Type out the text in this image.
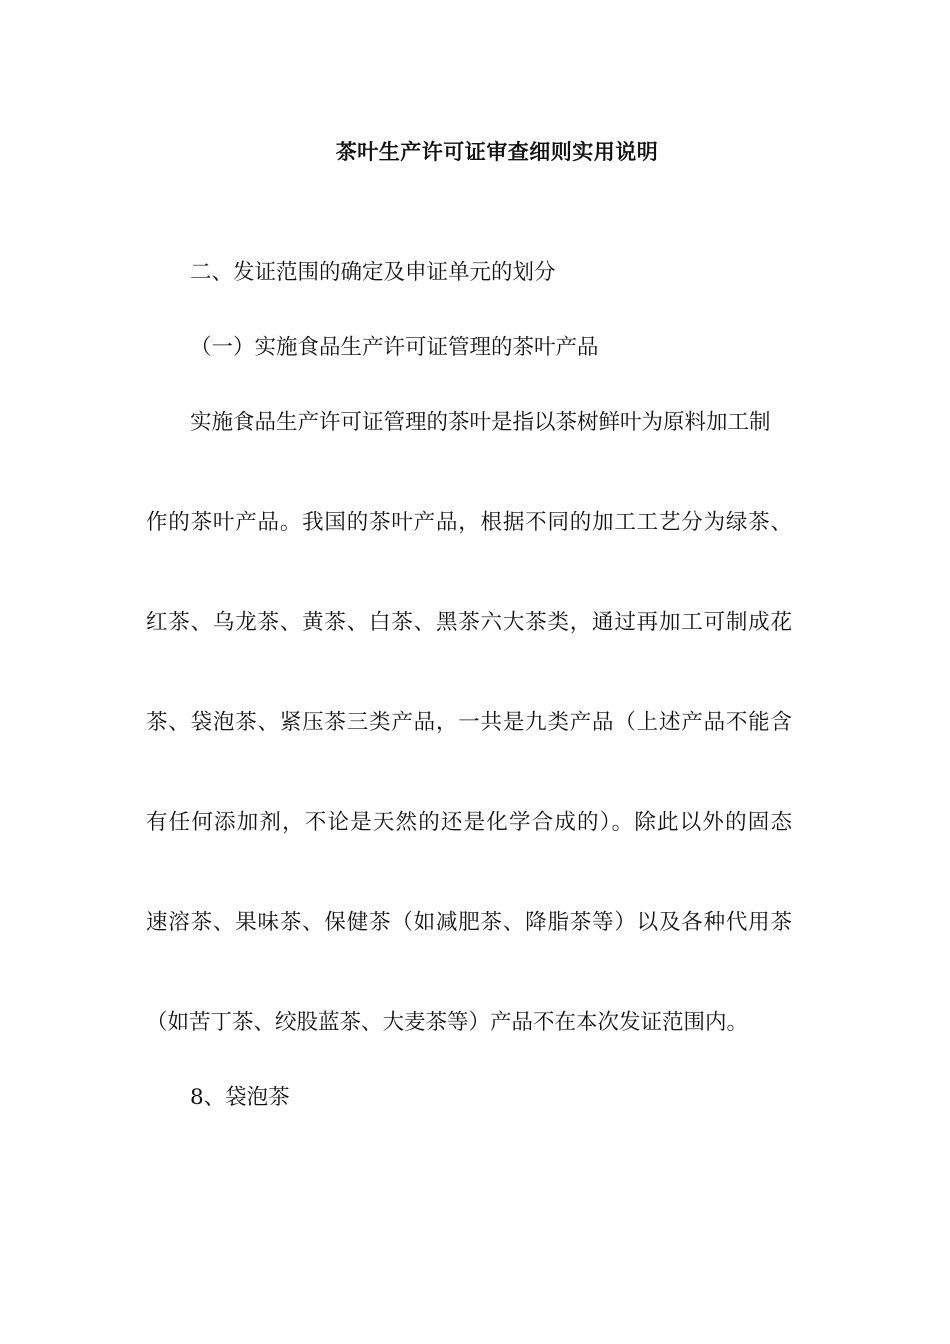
茶叶生产许可证审查细则实用说明
二、发证范围的确定及申证单元的划分
（一）实施食品生产许可证管理的茶叶产品
实施食品生产许可证管理的茶叶是指以茶树鲜叶为原料加工制
作的茶叶产品。我国的茶叶产品，根据不同的加工工艺分为绿茶、
红茶、乌龙茶、黄茶、白茶、黑茶六大茶类，通过再加工可制成花
茶、袋泡茶、紧压茶三类产品，一共是九类产品（上述产品不能含
有任何添加剂，不论是天然的还是化学合成的）。除此以外的固态
速溶茶、果味茶、保健茶（如减肥茶、降脂茶等）以及各种代用茶
（如苦丁茶、绞股蓝茶、大麦茶等）产品不在本次发证范围内。
8、袋泡茶
